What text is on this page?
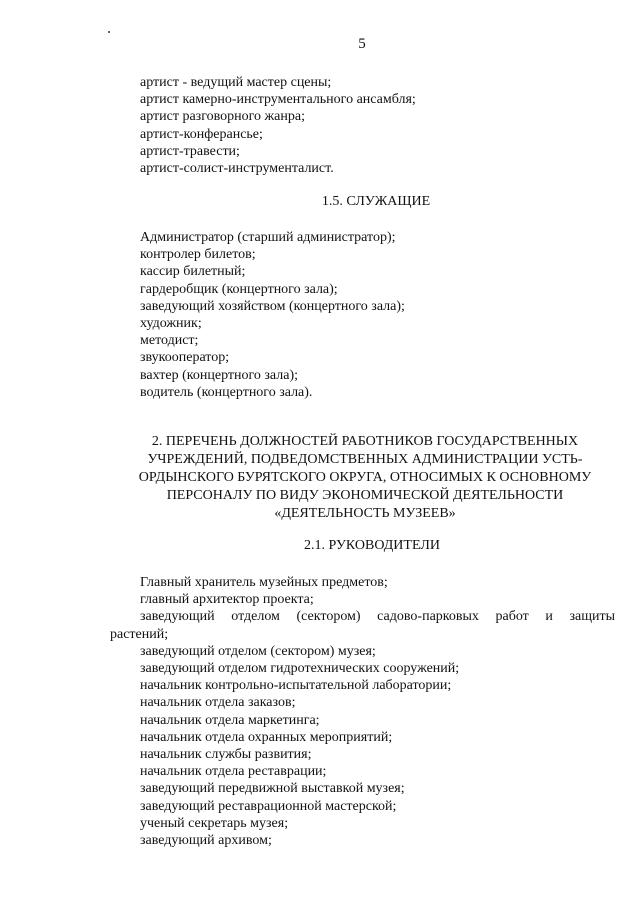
5
артист - ведущий мастер сцены;
артист камерно-инструментального ансамбля;
артист разговорного жанра;
артист-конферансье;
артист-травести;
артист-солист-инструменталист.
1.5. СЛУЖАЩИЕ
Администратор (старший администратор);
контролер билетов;
кассир билетный;
гардеробщик (концертного зала);
заведующий хозяйством (концертного зала);
художник;
методист;
звукооператор;
вахтер (концертного зала);
водитель (концертного зала).

2. ПЕРЕЧЕНЬ ДОЛЖНОСТЕЙ РАБОТНИКОВ ГОСУДАРСТВЕННЫХ
УЧРЕЖДЕНИЙ, ПОДВЕДОМСТВЕННЫХ АДМИНИСТРАЦИИ УСТЬ-
ОРДЫНСКОГО БУРЯТСКОГО ОКРУГА, ОТНОСИМЫХ К ОСНОВНОМУ
ПЕРСОНАЛУ ПО ВИДУ ЭКОНОМИЧЕСКОЙ ДЕЯТЕЛЬНОСТИ
«ДЕЯТЕЛЬНОСТЬ МУЗЕЕВ»

2.1. РУКОВОДИТЕЛИ
Главный хранитель музейных предметов;
главный архитектор проекта;
заведующий отделом (сектором) садово-парковых работ и защиты
растений;
заведующий отделом (сектором) музея;
заведующий отделом гидротехнических сооружений;
начальник контрольно-испытательной лаборатории;
начальник отдела заказов;
начальник отдела маркетинга;
начальник отдела охранных мероприятий;
начальник службы развития;
начальник отдела реставрации;
заведующий передвижной выставкой музея;
заведующий реставрационной мастерской;
ученый секретарь музея;
заведующий архивом;
